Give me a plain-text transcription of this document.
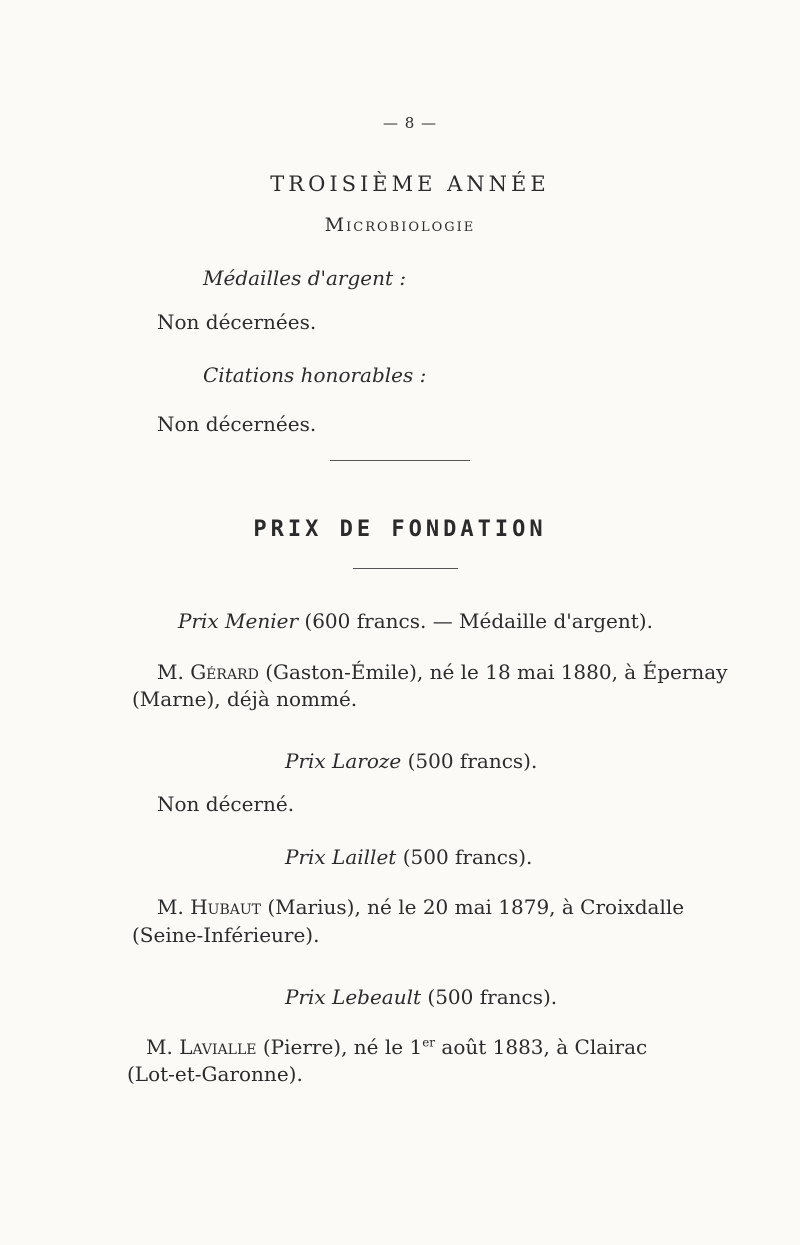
— 8 —
TROISIÈME ANNÉE
Microbiologie
Médailles d'argent :
Non décernées.
Citations honorables :
Non décernées.
PRIX DE FONDATION
Prix Menier (600 francs. — Médaille d'argent).
M. Gérard (Gaston-Émile), né le 18 mai 1880, à Épernay
(Marne), déjà nommé.
Prix Laroze (500 francs).
Non décerné.
Prix Laillet (500 francs).
M. Hubaut (Marius), né le 20 mai 1879, à Croixdalle
(Seine-Inférieure).
Prix Lebeault (500 francs).
M. Lavialle (Pierre), né le 1er août 1883, à Clairac
(Lot-et-Garonne).
